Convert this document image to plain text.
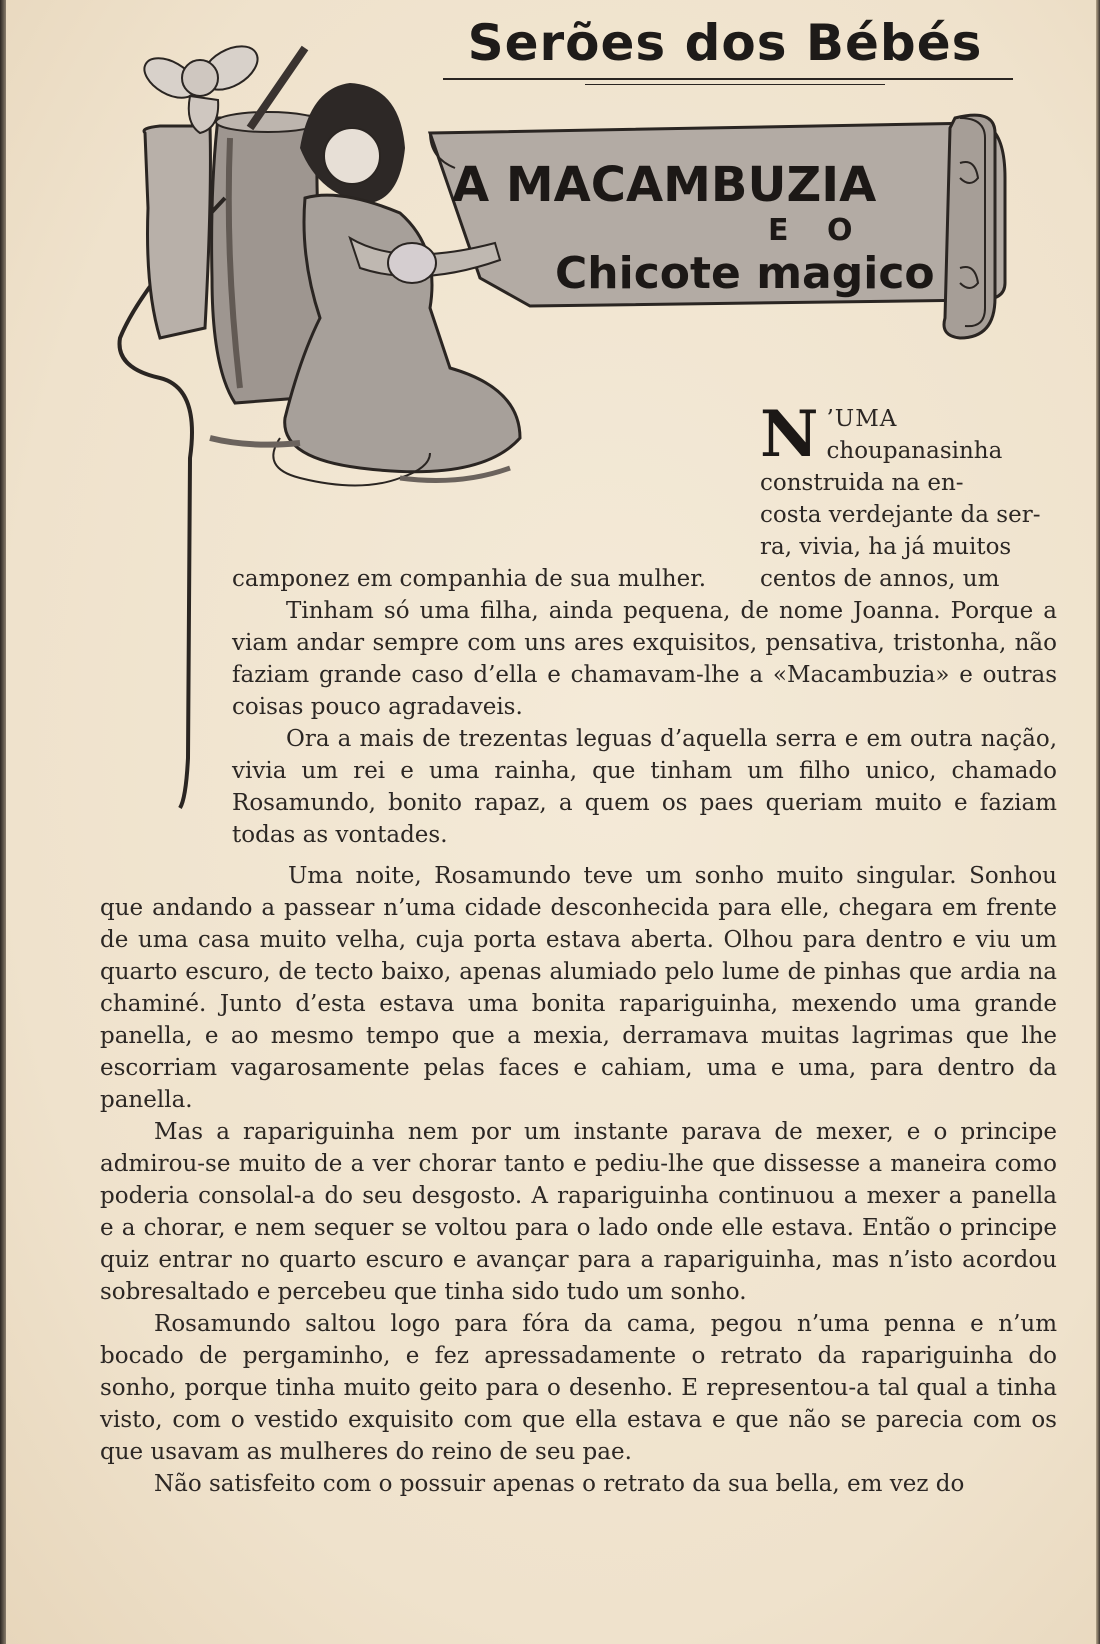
Serões dos Bébés
A MACAMBUZIA
E O
Chicote magico
N ’UMA choupanasinha
construida na en-
costa verdejante da ser-
ra, vivia, ha já muitos
centos de annos, um

camponez em companhia de sua mulher.

Tinham só uma filha, ainda pequena, de nome Joanna. Porque a viam andar sempre com uns ares exquisitos, pensativa, tristonha, não faziam grande caso d’ella e chamavam-lhe a «Macambuzia» e outras coisas pouco agradaveis.

Ora a mais de trezentas leguas d’aquella serra e em outra nação, vivia um rei e uma rainha, que tinham um filho unico, chamado Rosamundo, bonito rapaz, a quem os paes queriam muito e faziam todas as vontades.

Uma noite, Rosamundo teve um sonho muito singular. Sonhou que andando a passear n’uma cidade desconhecida para elle, chegara em frente de uma casa muito velha, cuja porta estava aberta. Olhou para dentro e viu um quarto escuro, de tecto baixo, apenas alumiado pelo lume de pinhas que ardia na chaminé. Junto d’esta estava uma bonita rapariguinha, mexendo uma grande panella, e ao mesmo tempo que a mexia, derramava muitas lagrimas que lhe escorriam vagarosamente pelas faces e cahiam, uma e uma, para dentro da panella.

Mas a rapariguinha nem por um instante parava de mexer, e o principe admirou-se muito de a ver chorar tanto e pediu-lhe que dissesse a maneira como poderia consolal-a do seu desgosto. A rapariguinha continuou a mexer a panella e a chorar, e nem sequer se voltou para o lado onde elle estava. Então o principe quiz entrar no quarto escuro e avançar para a rapariguinha, mas n’isto acordou sobresaltado e percebeu que tinha sido tudo um sonho.

Rosamundo saltou logo para fóra da cama, pegou n’uma penna e n’um bocado de pergaminho, e fez apressadamente o retrato da rapariguinha do sonho, porque tinha muito geito para o desenho. E representou-a tal qual a tinha visto, com o vestido exquisito com que ella estava e que não se parecia com os que usavam as mulheres do reino de seu pae.

Não satisfeito com o possuir apenas o retrato da sua bella, em vez do
